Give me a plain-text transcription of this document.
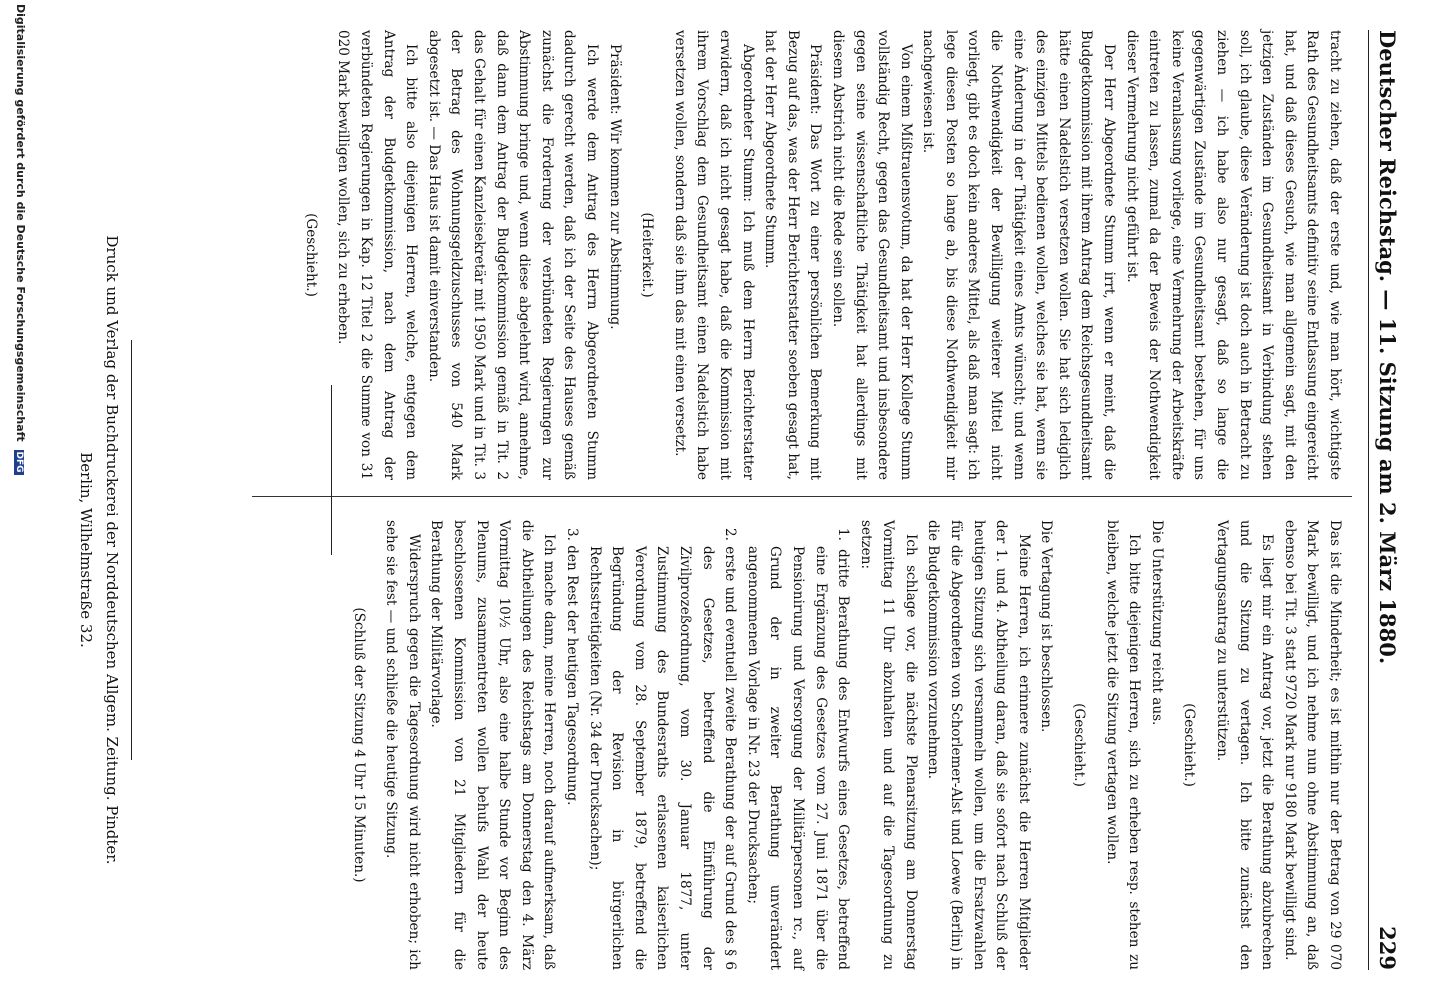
Deutscher Reichstag. — 11. Sitzung am 2. März 1880.
229

tracht zu ziehen, daß der erste und, wie man hört, wichtigste Rath des Gesundheitsamts definitiv seine Entlassung eingereicht hat, und daß dieses Gesuch, wie man allgemein sagt, mit den jetzigen Zuständen im Gesundheitsamt in Verbindung stehen soll, ich glaube, diese Veränderung ist doch auch in Betracht zu ziehen — ich habe also nur gesagt, daß so lange die gegenwärtigen Zustände im Gesundheitsamt bestehen, für uns keine Veranlassung vorliege, eine Vermehrung der Arbeitskräfte eintreten zu lassen, zumal da der Beweis der Nothwendigkeit dieser Vermehrung nicht geführt ist.

Der Herr Abgeordnete Stumm irrt, wenn er meint, daß die Budgetkommission mit ihrem Antrag dem Reichsgesundheitsamt hätte einen Nadelstich versetzen wollen. Sie hat sich lediglich des einzigen Mittels bedienen wollen, welches sie hat, wenn sie eine Änderung in der Thätigkeit eines Amts wünscht; und wenn die Nothwendigkeit der Bewilligung weiterer Mittel nicht vorliegt, gibt es doch kein anderes Mittel, als daß man sagt: ich lege diesen Posten so lange ab, bis diese Nothwendigkeit mir nachgewiesen ist.

Von einem Mißtrauensvotum, da hat der Herr Kollege Stumm vollständig Recht, gegen das Gesundheitsamt und insbesondere gegen seine wissenschaftliche Thätigkeit hat allerdings mit diesem Abstrich nicht die Rede sein sollen.

Präsident: Das Wort zu einer persönlichen Bemerkung mit Bezug auf das, was der Herr Berichterstatter soeben gesagt hat, hat der Herr Abgeordnete Stumm.

Abgeordneter Stumm: Ich muß dem Herrn Berichterstatter erwidern, daß ich nicht gesagt habe, daß die Kommission mit ihrem Vorschlag dem Gesundheitsamt einen Nadelstich habe versetzen wollen, sondern daß sie ihm das mit einen versetzt.

(Heiterkeit.)

Präsident: Wir kommen zur Abstimmung.

Ich werde dem Antrag des Herrn Abgeordneten Stumm dadurch gerecht werden, daß ich der Seite des Hauses gemäß zunächst die Forderung der verbündeten Regierungen zur Abstimmung bringe und, wenn diese abgelehnt wird, annehme, daß dann dem Antrag der Budgetkommission gemäß in Tit. 2 das Gehalt für einen Kanzleisekretär mit 1950 Mark und in Tit. 3 der Betrag des Wohnungsgeldzuschusses von 540 Mark abgesetzt ist. — Das Haus ist damit einverstanden.

Ich bitte also diejenigen Herren, welche, entgegen dem Antrag der Budgetkommission, nach dem Antrag der verbündeten Regierungen in Kap. 12 Titel 2 die Summe von 31 020 Mark bewilligen wollen, sich zu erheben.

(Geschieht.)

Das ist die Minderheit; es ist mithin nur der Betrag von 29 070 Mark bewilligt, und ich nehme nun ohne Abstimmung an, daß ebenso bei Tit. 3 statt 9720 Mark nur 9180 Mark bewilligt sind.

Es liegt mir ein Antrag vor, jetzt die Berathung abzubrechen und die Sitzung zu vertagen. Ich bitte zunächst den Vertagungsantrag zu unterstützen.

(Geschieht.)

Die Unterstützung reicht aus.

Ich bitte diejenigen Herren, sich zu erheben resp. stehen zu bleiben, welche jetzt die Sitzung vertagen wollen.

(Geschieht.)

Die Vertagung ist beschlossen.

Meine Herren, ich erinnere zunächst die Herren Mitglieder der 1. und 4. Abtheilung daran, daß sie sofort nach Schluß der heutigen Sitzung sich versammeln wollen, um die Ersatzwahlen für die Abgeordneten von Schorlemer-Alst und Loewe (Berlin) in die Budgetkommission vorzunehmen.

Ich schlage vor, die nächste Plenarsitzung am Donnerstag Vormittag 11 Uhr abzuhalten und auf die Tagesordnung zu setzen:

1. dritte Berathung des Entwurfs eines Gesetzes, betreffend eine Ergänzung des Gesetzes vom 27. Juni 1871 über die Pensionirung und Versorgung der Militärpersonen rc., auf Grund der in zweiter Berathung unverändert angenommenen Vorlage in Nr. 23 der Drucksachen;

2. erste und eventuell zweite Berathung der auf Grund des § 6 des Gesetzes, betreffend die Einführung der Zivilprozeßordnung, vom 30. Januar 1877, unter Zustimmung des Bundesraths erlassenen kaiserlichen Verordnung vom 28. September 1879, betreffend die Begründung der Revision in bürgerlichen Rechtsstreitigkeiten (Nr. 34 der Drucksachen);

3. den Rest der heutigen Tagesordnung.

Ich mache dann, meine Herren, noch darauf aufmerksam, daß die Abtheilungen des Reichstags am Donnerstag den 4. März Vormittag 10½ Uhr, also eine halbe Stunde vor Beginn des Plenums, zusammentreten wollen behufs Wahl der heute beschlossenen Kommission von 21 Mitgliedern für die Berathung der Militärvorlage.

Widerspruch gegen die Tagesordnung wird nicht erhoben; ich sehe sie fest — und schließe die heutige Sitzung.

(Schluß der Sitzung 4 Uhr 15 Minuten.)

Druck und Verlag der Buchdruckerei der Norddeutschen Allgem. Zeitung. Pindter.
Berlin, Wilhelmstraße 32.
Digitalisierung gefördert durch die Deutsche Forschungsgemeinschaft DFG
